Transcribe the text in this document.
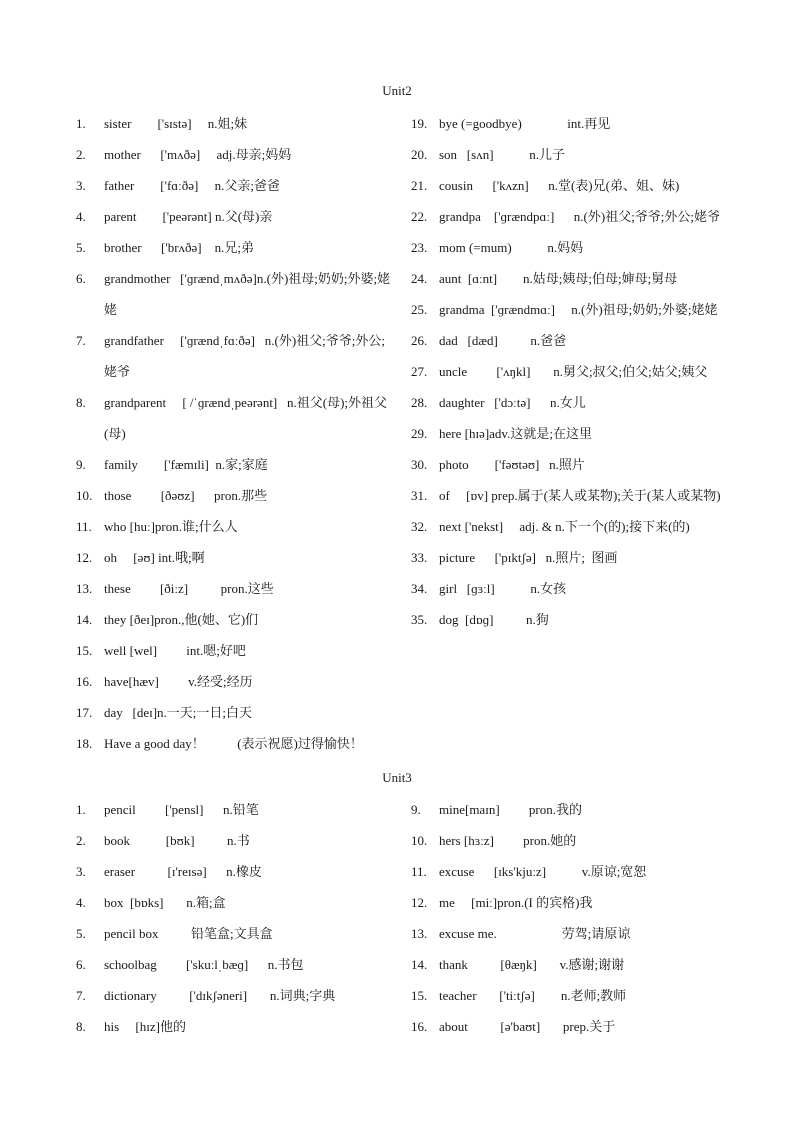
Unit2
1.	sister        ['sɪstə]     n.姐;妹
2.	mother      ['mʌðə]     adj.母亲;妈妈
3.	father        ['fɑːðə]     n.父亲;爸爸
4.	parent        ['peərənt] n.父(母)亲
5.	brother      ['brʌðə]    n.兄;弟
6.	grandmother   ['ɡrændˌmʌðə]n.(外)祖母;奶奶;外婆;姥姥
7.	grandfather     ['ɡrændˌfɑːðə]   n.(外)祖父;爷爷;外公;姥爷
8.	grandparent     [ /ˈɡrændˌpeərənt]   n.祖父(母);外祖父(母)
9.	family        ['fæmɪli]  n.家;家庭
10. those         [ðəʊz]      pron.那些
11. who [huː]pron.谁;什么人
12. oh     [əʊ] int.哦;啊
13. these         [ðiːz]          pron.这些
14. they [ðeɪ]pron.,他(她、它)们
15. well [wel]         int.嗯;好吧
16. have[hæv]         v.经受;经历
17. day   [deɪ]n.一天;一日;白天
18. Have a good day！          (表示祝愿)过得愉快！
19. bye (=goodbye)              int.再见
20. son   [sʌn]           n.儿子
21. cousin      ['kʌzn]      n.堂(表)兄(弟、姐、妹)
22. grandpa    ['ɡrændpɑː]      n.(外)祖父;爷爷;外公;姥爷
23. mom (=mum)           n.妈妈
24. aunt  [ɑːnt]        n.姑母;姨母;伯母;婶母;舅母
25. grandma  ['ɡrændmɑː]     n.(外)祖母;奶奶;外婆;姥姥
26. dad   [dæd]          n.爸爸
27. uncle         ['ʌŋkl]       n.舅父;叔父;伯父;姑父;姨父
28. daughter   ['dɔːtə]      n.女儿
29. here [hɪə]adv.这就是;在这里
30. photo        ['fəʊtəʊ]   n.照片
31. of     [ɒv] prep.属于(某人或某物);关于(某人或某物)
32. next ['nekst]     adj. & n.下一个(的);接下来(的)
33. picture      ['pɪktʃə]   n.照片;  图画
34. girl   [ɡɜːl]           n.女孩
35. dog  [dɒɡ]          n.狗
Unit3
1.	pencil         ['pensl]      n.铅笔
2.	book           [bʊk]          n.书
3.	eraser          [ɪ'reɪsə]      n.橡皮
4.	box  [bɒks]       n.箱;盒
5.	pencil box          铅笔盒;文具盒
6.	schoolbag         ['skuːlˌbæɡ]      n.书包
7.	dictionary          ['dɪkʃəneri]       n.词典;字典
8.	his     [hɪz]他的
9.	mine[maɪn]         pron.我的
10. hers [hɜːz]         pron.她的
11. excuse      [ɪks'kjuːz]           v.原谅;宽恕
12. me     [miː]pron.(I 的宾格)我
13. excuse me.                    劳驾;请原谅
14. thank          [θæŋk]       v.感谢;谢谢
15. teacher       ['tiːtʃə]        n.老师;教师
16. about          [ə'baʊt]       prep.关于
